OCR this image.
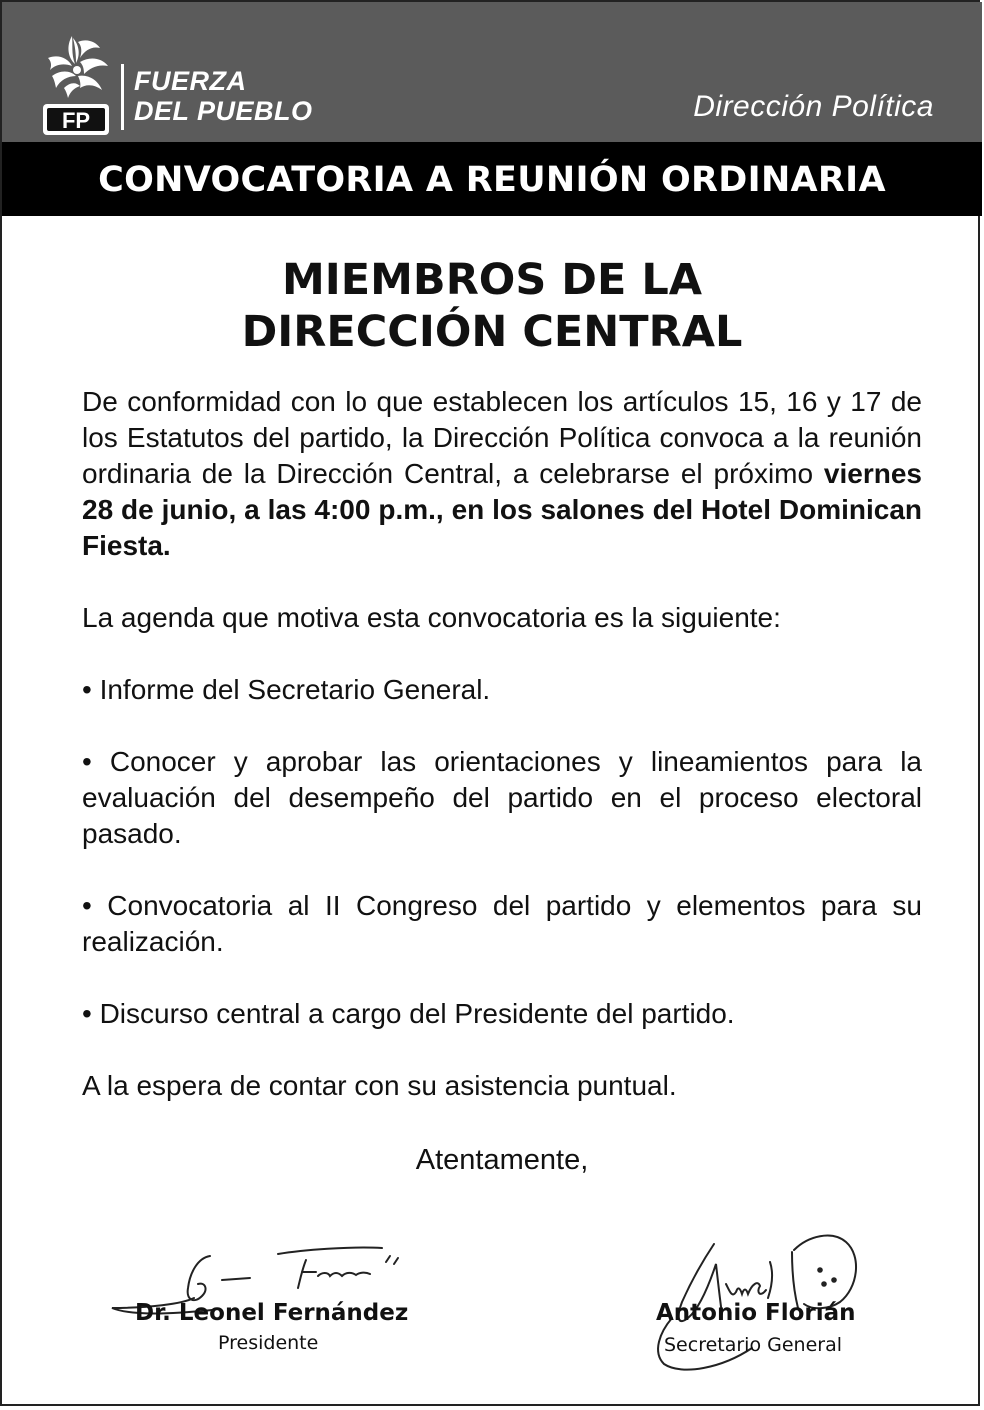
FP
FUERZA
DEL PUEBLO	Dirección Política
CONVOCATORIA A REUNIÓN ORDINARIA
MIEMBROS DE LA
DIRECCIÓN CENTRAL

De conformidad con lo que establecen los artículos 15, 16 y 17 de los Estatutos del partido, la Dirección Política convoca a la reunión ordinaria de la Dirección Central, a celebrarse el próximo viernes 28 de junio, a las 4:00 p.m., en los salones del Hotel Dominican Fiesta.

La agenda que motiva esta convocatoria es la siguiente:

• Informe del Secretario General.

• Conocer y aprobar las orientaciones y lineamientos para la evaluación del desempeño del partido en el proceso electoral pasado.

• Convocatoria al II Congreso del partido y elementos para su realización.

• Discurso central a cargo del Presidente del partido.

A la espera de contar con su asistencia puntual.

Atentamente,
Dr. Leonel Fernández
Presidente
Antonio Florián
Secretario General
